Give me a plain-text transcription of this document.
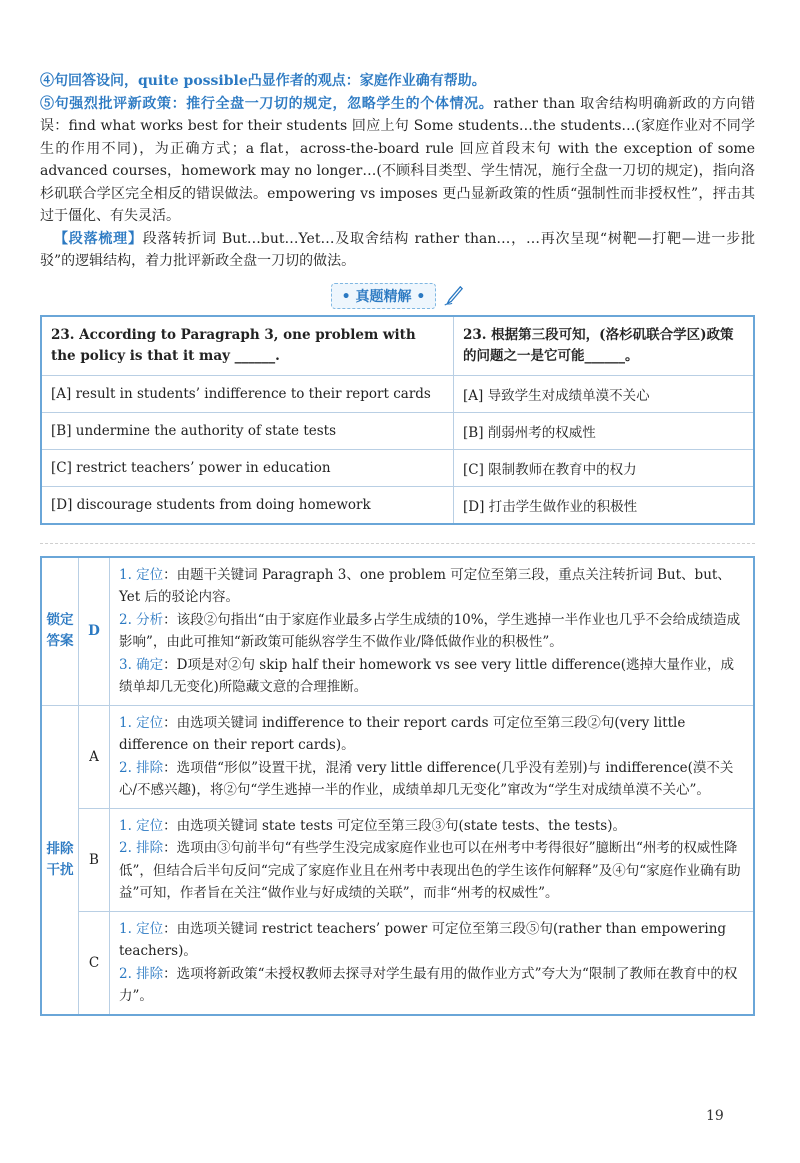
④句回答设问，quite possible凸显作者的观点：家庭作业确有帮助。

⑤句强烈批评新政策：推行全盘一刀切的规定，忽略学生的个体情况。rather than 取舍结构明确新政的方向错误：find what works best for their students 回应上句 Some students…the students…(家庭作业对不同学生的作用不同)，为正确方式；a flat，across-the-board rule 回应首段末句 with the exception of some advanced courses，homework may no longer…(不顾科目类型、学生情况，施行全盘一刀切的规定)，指向洛杉矶联合学区完全相反的错误做法。empowering vs imposes 更凸显新政策的性质“强制性而非授权性”，抨击其过于僵化、有失灵活。

【段落梳理】段落转折词 But…but…Yet…及取舍结构 rather than…，…再次呈现“树靶—打靶—进一步批驳”的逻辑结构，着力批评新政全盘一刀切的做法。

• 真题精解 •
23. According to Paragraph 3, one problem with the policy is that it may ______.	23. 根据第三段可知，(洛杉矶联合学区)政策的问题之一是它可能______。
[A] result in students’ indifference to their report cards	[A] 导致学生对成绩单漠不关心
[B] undermine the authority of state tests	[B] 削弱州考的权威性
[C] restrict teachers’ power in education	[C] 限制教师在教育中的权力
[D] discourage students from doing homework	[D] 打击学生做作业的积极性
锁定答案	D	1. 定位：由题干关键词 Paragraph 3、one problem 可定位至第三段，重点关注转折词 But、but、Yet 后的驳论内容。
2. 分析：该段②句指出“由于家庭作业最多占学生成绩的10%，学生逃掉一半作业也几乎不会给成绩造成影响”，由此可推知“新政策可能纵容学生不做作业/降低做作业的积极性”。
3. 确定：D项是对②句 skip half their homework vs see very little difference(逃掉大量作业，成绩单却几无变化)所隐藏文意的合理推断。

排除干扰	A	1. 定位：由选项关键词 indifference to their report cards 可定位至第三段②句(very little difference on their report cards)。
2. 排除：选项借“形似”设置干扰，混淆 very little difference(几乎没有差别)与 indifference(漠不关心/不感兴趣)，将②句“学生逃掉一半的作业，成绩单却几无变化”窜改为“学生对成绩单漠不关心”。

	B	1. 定位：由选项关键词 state tests 可定位至第三段③句(state tests、the tests)。
2. 排除：选项由③句前半句“有些学生没完成家庭作业也可以在州考中考得很好”臆断出“州考的权威性降低”，但结合后半句反问“完成了家庭作业且在州考中表现出色的学生该作何解释”及④句“家庭作业确有助益”可知，作者旨在关注“做作业与好成绩的关联”，而非“州考的权威性”。

	C	1. 定位：由选项关键词 restrict teachers’ power 可定位至第三段⑤句(rather than empowering teachers)。
2. 排除：选项将新政策“未授权教师去探寻对学生最有用的做作业方式”夸大为“限制了教师在教育中的权力”。
19
